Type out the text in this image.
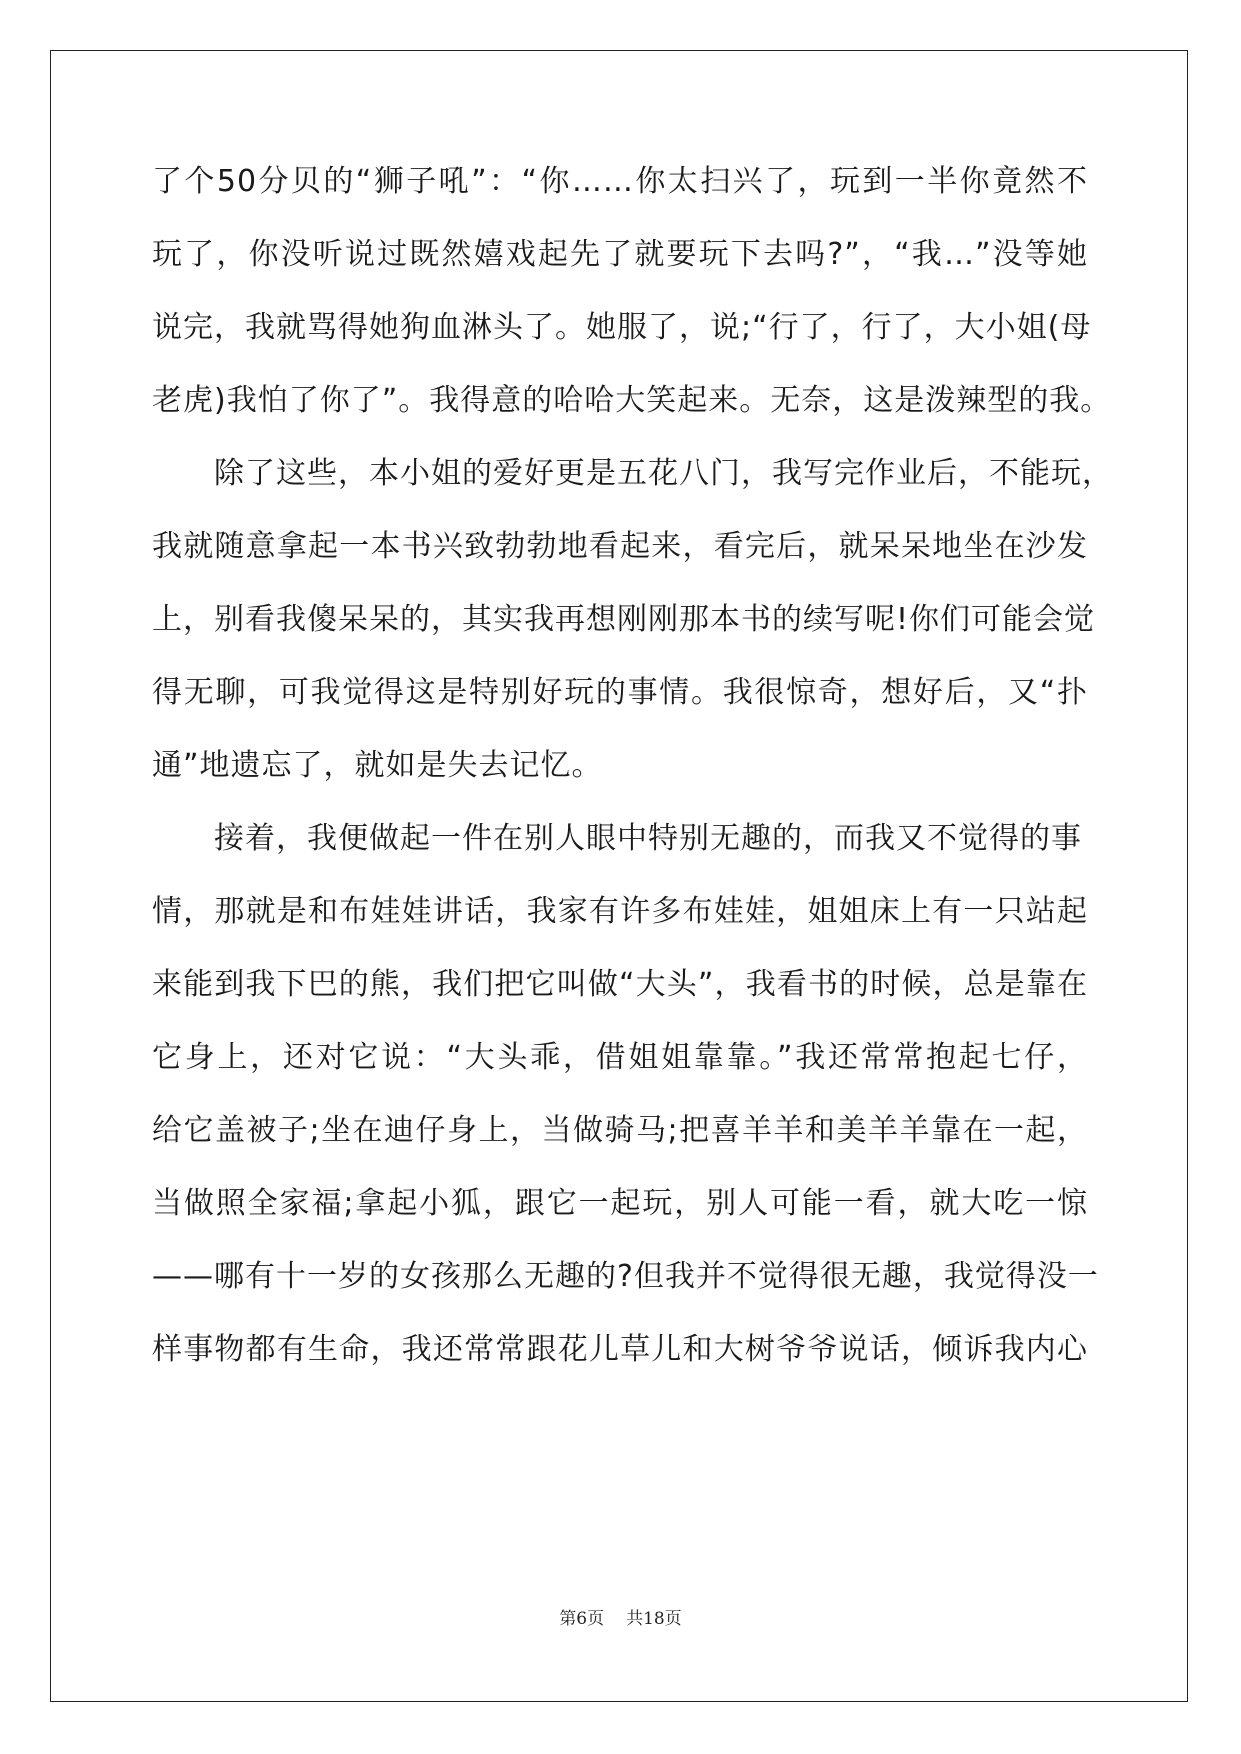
了个50分贝的“狮子吼”：“你……你太扫兴了，玩到一半你竟然不
玩了，你没听说过既然嬉戏起先了就要玩下去吗?”，“我…”没等她
说完，我就骂得她狗血淋头了。她服了，说;“行了，行了，大小姐(母
老虎)我怕了你了”。我得意的哈哈大笑起来。无奈，这是泼辣型的我。
除了这些，本小姐的爱好更是五花八门，我写完作业后，不能玩，
我就随意拿起一本书兴致勃勃地看起来，看完后，就呆呆地坐在沙发
上，别看我傻呆呆的，其实我再想刚刚那本书的续写呢!你们可能会觉
得无聊，可我觉得这是特别好玩的事情。我很惊奇，想好后，又“扑
通”地遗忘了，就如是失去记忆。
接着，我便做起一件在别人眼中特别无趣的，而我又不觉得的事
情，那就是和布娃娃讲话，我家有许多布娃娃，姐姐床上有一只站起
来能到我下巴的熊，我们把它叫做“大头”，我看书的时候，总是靠在
它身上，还对它说：“大头乖，借姐姐靠靠。”我还常常抱起七仔，
给它盖被子;坐在迪仔身上，当做骑马;把喜羊羊和美羊羊靠在一起，
当做照全家福;拿起小狐，跟它一起玩，别人可能一看，就大吃一惊
——哪有十一岁的女孩那么无趣的?但我并不觉得很无趣，我觉得没一
样事物都有生命，我还常常跟花儿草儿和大树爷爷说话，倾诉我内心
第6页 共18页
